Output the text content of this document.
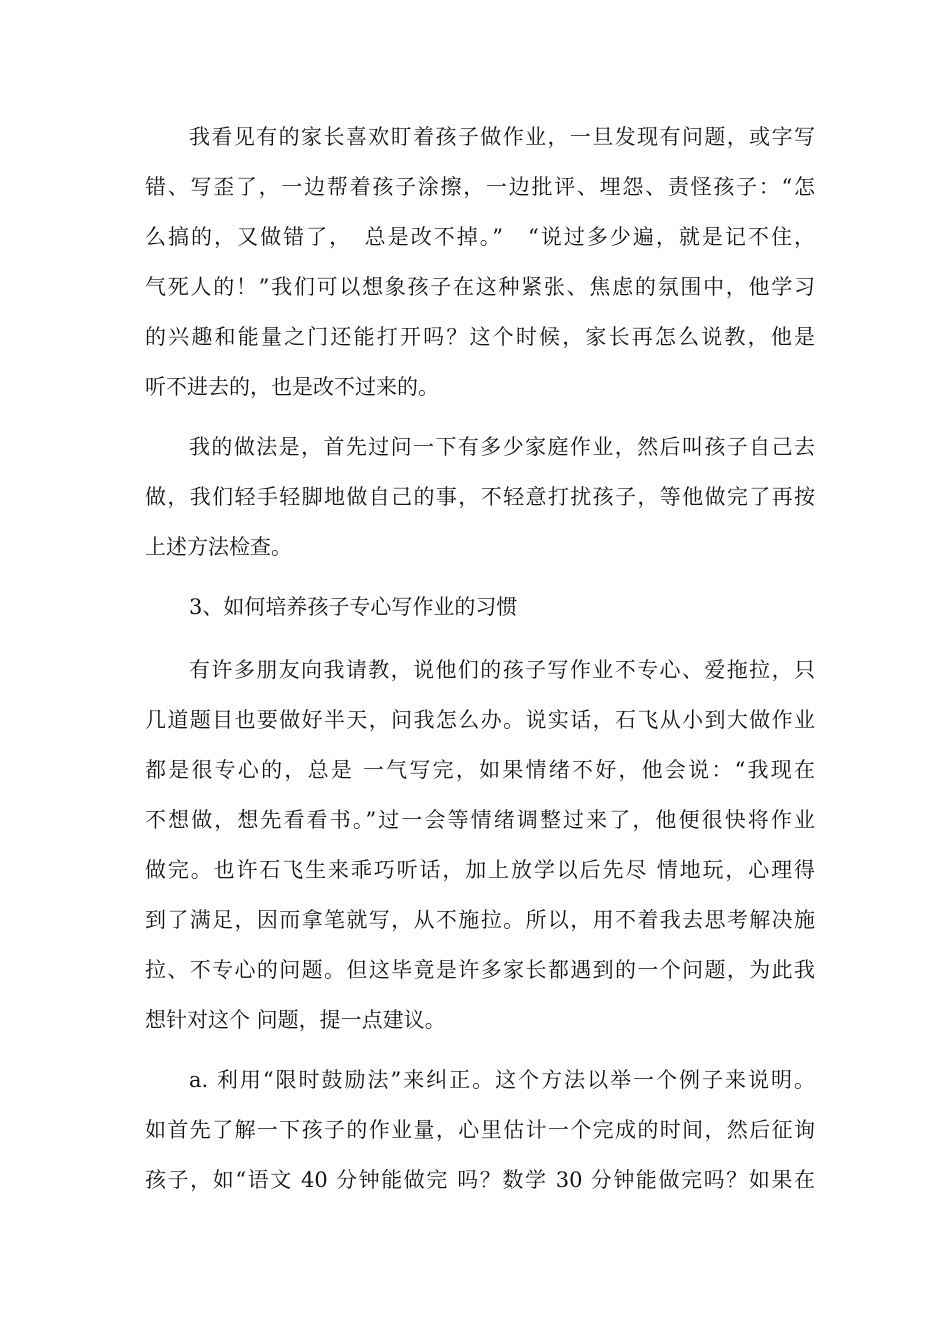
我看见有的家长喜欢盯着孩子做作业，一旦发现有问题，或字写
错、写歪了，一边帮着孩子涂擦，一边批评、埋怨、责怪孩子：“怎
么搞的，又做错了，　总是改不掉。”　“说过多少遍，就是记不住，
气死人的！”我们可以想象孩子在这种紧张、焦虑的氛围中，他学习
的兴趣和能量之门还能打开吗？这个时候，家长再怎么说教，他是
听不进去的，也是改不过来的。
我的做法是，首先过问一下有多少家庭作业，然后叫孩子自己去
做，我们轻手轻脚地做自己的事，不轻意打扰孩子，等他做完了再按
上述方法检查。
3、如何培养孩子专心写作业的习惯
有许多朋友向我请教，说他们的孩子写作业不专心、爱拖拉，只
几道题目也要做好半天，问我怎么办。说实话，石飞从小到大做作业
都是很专心的，总是 一气写完，如果情绪不好，他会说：“我现在
不想做，想先看看书。”过一会等情绪调整过来了，他便很快将作业
做完。也许石飞生来乖巧听话，加上放学以后先尽 情地玩，心理得
到了满足，因而拿笔就写，从不施拉。所以，用不着我去思考解决施
拉、不专心的问题。但这毕竟是许多家长都遇到的一个问题，为此我
想针对这个 问题，提一点建议。
a. 利用“限时鼓励法”来纠正。这个方法以举一个例子来说明。
如首先了解一下孩子的作业量，心里估计一个完成的时间，然后征询
孩子，如“语文 40 分钟能做完 吗？数学 30 分钟能做完吗？如果在
